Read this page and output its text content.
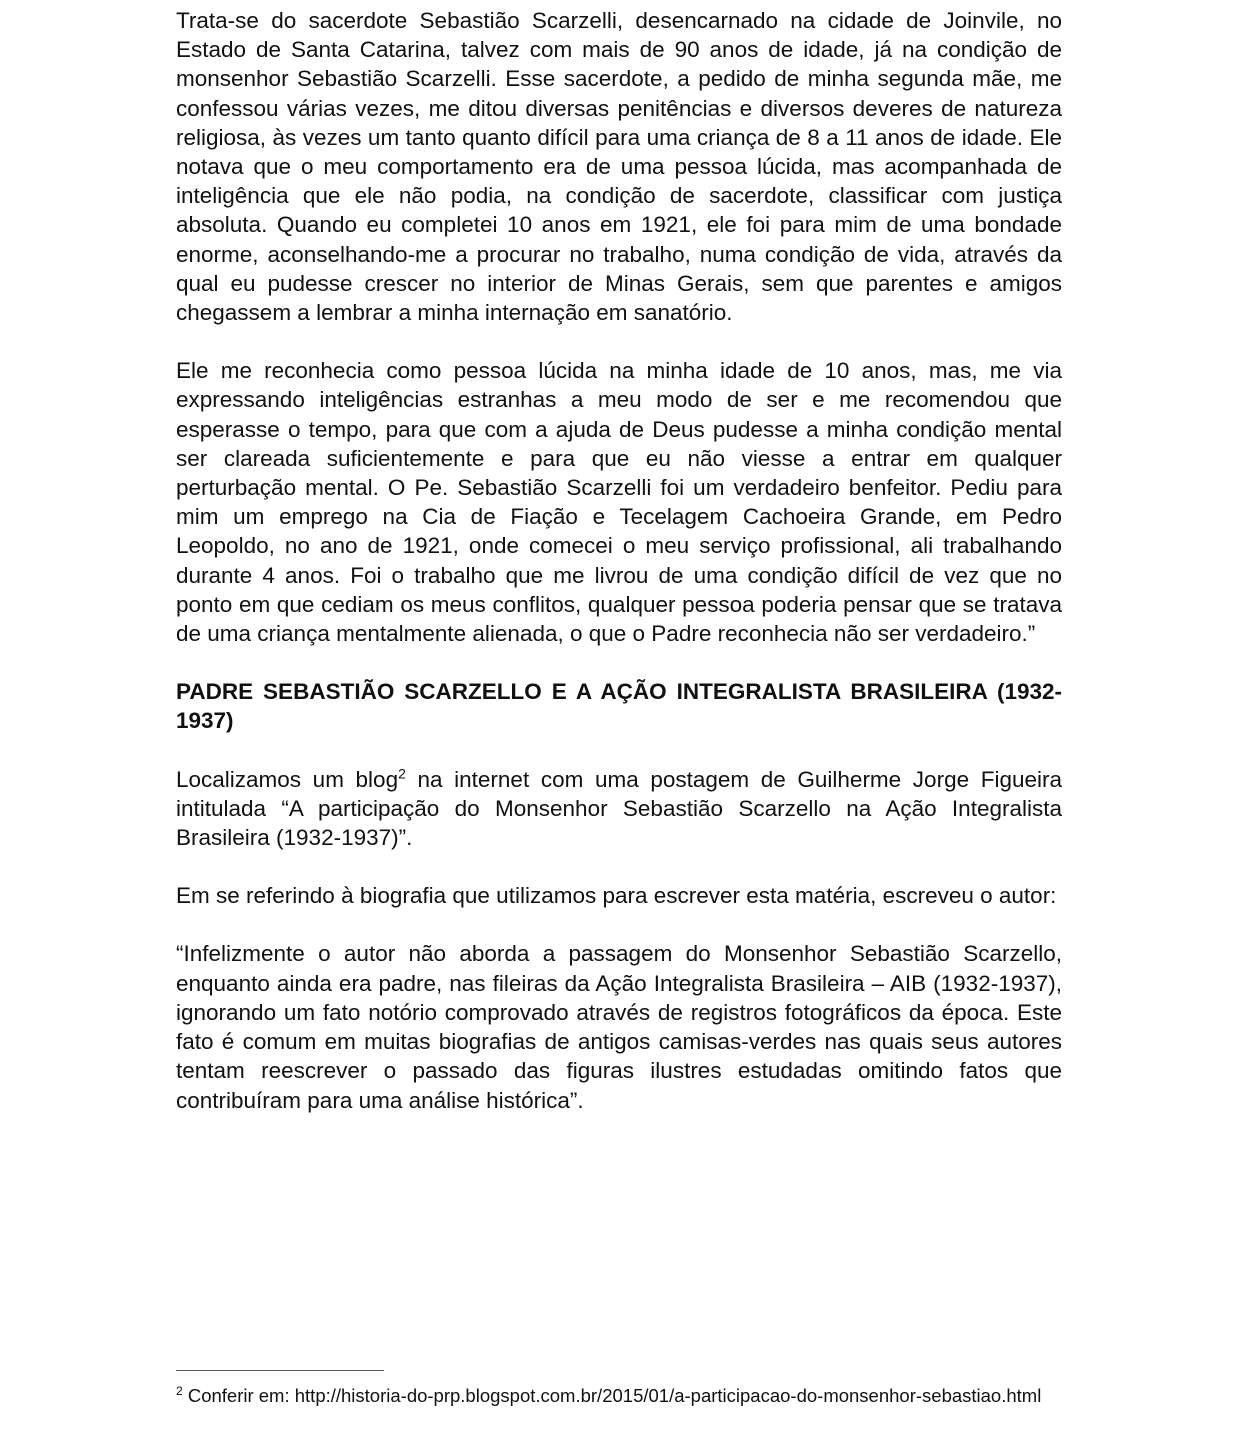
Trata-se do sacerdote Sebastião Scarzelli, desencarnado na cidade de Joinvile, no Estado de Santa Catarina, talvez com mais de 90 anos de idade, já na condição de monsenhor Sebastião Scarzelli. Esse sacerdote, a pedido de minha segunda mãe, me confessou várias vezes, me ditou diversas penitências e diversos deveres de natureza religiosa, às vezes um tanto quanto difícil para uma criança de 8 a 11 anos de idade. Ele notava que o meu comportamento era de uma pessoa lúcida, mas acompanhada de inteligência que ele não podia, na condição de sacerdote, classificar com justiça absoluta. Quando eu completei 10 anos em 1921, ele foi para mim de uma bondade enorme, aconselhando-me a procurar no trabalho, numa condição de vida, através da qual eu pudesse crescer no interior de Minas Gerais, sem que parentes e amigos chegassem a lembrar a minha internação em sanatório.

Ele me reconhecia como pessoa lúcida na minha idade de 10 anos, mas, me via expressando inteligências estranhas a meu modo de ser e me recomendou que esperasse o tempo, para que com a ajuda de Deus pudesse a minha condição mental ser clareada suficientemente e para que eu não viesse a entrar em qualquer perturbação mental. O Pe. Sebastião Scarzelli foi um verdadeiro benfeitor. Pediu para mim um emprego na Cia de Fiação e Tecelagem Cachoeira Grande, em Pedro Leopoldo, no ano de 1921, onde comecei o meu serviço profissional, ali trabalhando durante 4 anos. Foi o trabalho que me livrou de uma condição difícil de vez que no ponto em que cediam os meus conflitos, qualquer pessoa poderia pensar que se tratava de uma criança mentalmente alienada, o que o Padre reconhecia não ser verdadeiro.”

PADRE SEBASTIÃO SCARZELLO E A AÇÃO INTEGRALISTA BRASILEIRA (1932-1937)

Localizamos um blog$^2$ na internet com uma postagem de Guilherme Jorge Figueira intitulada “A participação do Monsenhor Sebastião Scarzello na Ação Integralista Brasileira (1932-1937)”.

Em se referindo à biografia que utilizamos para escrever esta matéria, escreveu o autor:

“Infelizmente o autor não aborda a passagem do Monsenhor Sebastião Scarzello, enquanto ainda era padre, nas fileiras da Ação Integralista Brasileira – AIB (1932-1937), ignorando um fato notório comprovado através de registros fotográficos da época. Este fato é comum em muitas biografias de antigos camisas-verdes nas quais seus autores tentam reescrever o passado das figuras ilustres estudadas omitindo fatos que contribuíram para uma análise histórica”.

$^2$ Conferir em: http://historia-do-prp.blogspot.com.br/2015/01/a-participacao-do-monsenhor-sebastiao.html
